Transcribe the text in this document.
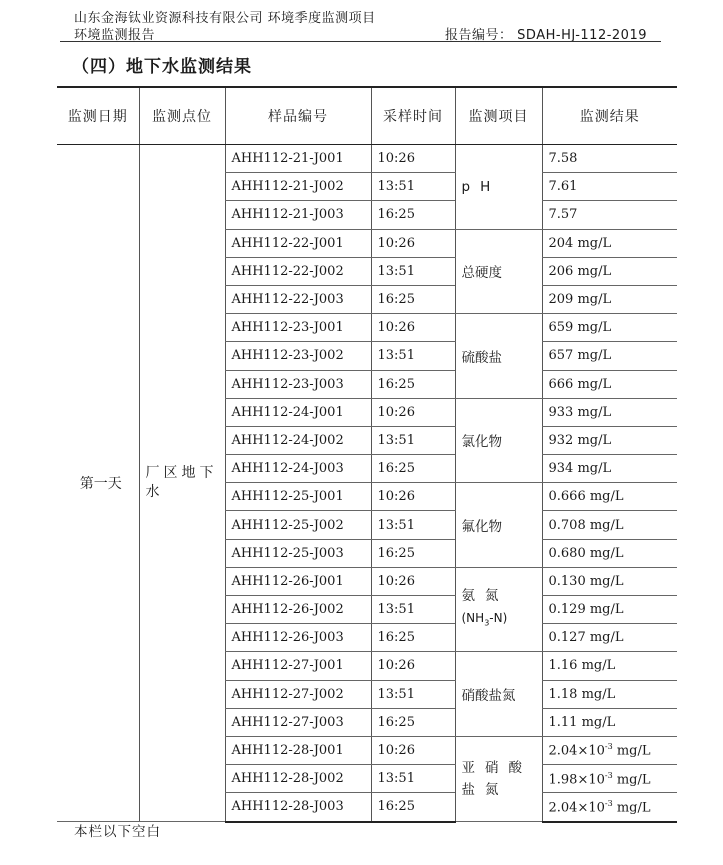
山东金海钛业资源科技有限公司 环境季度监测项目
环境监测报告	报告编号： SDAH-HJ-112-2019
（四）地下水监测结果
监测日期	监测点位	样品编号	采样时间	监测项目	监测结果
第一天	厂区地下水	AHH112-21-J001	10:26	pH	7.58
		AHH112-21-J002	13:51		7.61
		AHH112-21-J003	16:25		7.57
		AHH112-22-J001	10:26	总硬度	204 mg/L
		AHH112-22-J002	13:51		206 mg/L
		AHH112-22-J003	16:25		209 mg/L
		AHH112-23-J001	10:26	硫酸盐	659 mg/L
		AHH112-23-J002	13:51		657 mg/L
		AHH112-23-J003	16:25		666 mg/L
		AHH112-24-J001	10:26	氯化物	933 mg/L
		AHH112-24-J002	13:51		932 mg/L
		AHH112-24-J003	16:25		934 mg/L
		AHH112-25-J001	10:26	氟化物	0.666 mg/L
		AHH112-25-J002	13:51		0.708 mg/L
		AHH112-25-J003	16:25		0.680 mg/L
		AHH112-26-J001	10:26	氨氮
$(NH_3-N)$	0.130 mg/L
		AHH112-26-J002	13:51		0.129 mg/L
		AHH112-26-J003	16:25		0.127 mg/L
		AHH112-27-J001	10:26	硝酸盐氮	1.16 mg/L
		AHH112-27-J002	13:51		1.18 mg/L
		AHH112-27-J003	16:25		1.11 mg/L
		AHH112-28-J001	10:26	亚硝酸盐氮	$2.04\times 10^{-3}$ mg/L
		AHH112-28-J002	13:51		$1.98\times 10^{-3}$ mg/L
		AHH112-28-J003	16:25		$2.04\times 10^{-3}$ mg/L
本栏以下空白
